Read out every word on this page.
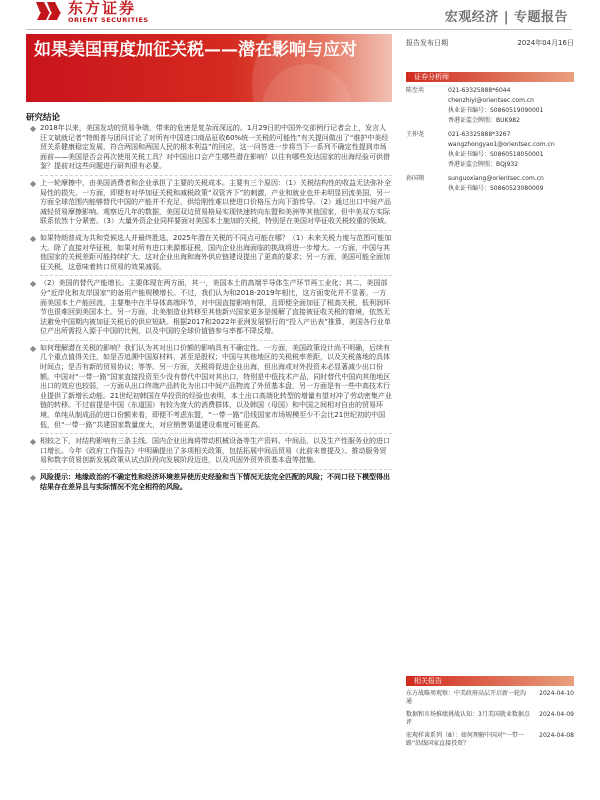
东方证券
ORIENT SECURITIES	宏观经济 | 专题报告
如果美国再度加征关税——潜在影响与应对	报告发布日期	2024年04月16日
证券分析师
陈至奕	021-63325888*6044
chenzhiyi@orientsec.com.cn
执业证书编号：S0860519090001
香港证监会牌照：BUK982
王仲尧	021-63325888*3267
wangzhongyao1@orientsec.com.cn
执业证书编号：S0860518050001
香港证监会牌照：BQJ932
孙国翔	sunguoxiang@orientsec.com.cn
执业证书编号：S0860523080009
相关报告
东方战略周观察：中美政府高层开启新一轮沟通
2024-04-10
数据和市场推绩挑战认知：3月美国就业数据点评
2024-04-09
宏观样谈系列（8）：如何理解中国对“一带一路”沿线国家直接投资？
2024-04-08
研究结论

2018年以来，美国发动的贸易争端，带来的危害是复杂而深远的。1月29日的中国外交部例行记者会上，发言人汪文斌就记者“特朗普与团问讨论了对所有中国进口商品征收60%统一关税的可能性”有关提问做出了“维护中美经贸关系健康稳定发展，符合两国和两国人民的根本利益”的回应，这一问答进一步将当下一系列不确定性提到市场面前——美国是否会再次使用关税工具？对中国出口会产生哪些潜在影响？以往有哪些发达国家的出海经验可供借鉴？提前对这些问题进行研判很有必要。

上一轮摩擦中，由美国消费者和企业承担了主要的关税成本。主要有三个原因：（1）关税结构性的收益无法弥补全局性的损失，一方面，即便有对华加征关税和减税政策“双管齐下”的刺激，产业和就业也并未明显回流美国，另一方面全球范围内能够替代中国的产能并不充足，供给刚性难以使进口价格压力向下游传导。（2）通过出口中间产品减轻贸易摩擦影响。观察近几年的数据，美国双边贸易格局实现快速转向东盟和美洲等其他国家，但中美双方实际联系依然十分紧密。（3）大量外资企业同样要面对美国本土施加的关税，特别是在美国对华征收关税较重的领域。

如果特朗普成为共和党候选人并最终胜选，2025年潜在关税的不同点可能在哪？（1）未来关税力度与范围可能加大。除了直接对华征税，如果对所有进口来源都征税，国内企业出海面临的挑战将进一步增大。一方面，中国与其他国家的关税差距可能持续扩大，这对企业出海和海外供应链建设提出了更高的要求；另一方面，美国可能全面加征关税，这意味着转口贸易的效果减弱。

（2）美国的替代产能增长。主要体现在两方面，其一，美国本土的高端半导体生产环节再工业化；其二，美国部分“近岸化和友岸国家”的备用产能规模增长。不过，我们认为和2018-2019年相比，这方面变化并不显著。一方面美国本土产能回流，主要集中在半导体高端环节，对中国直接影响有限，且即便全面加征了税高关税，低利润环节也很难回到美国本土。另一方面，北美制造业转移至其他新兴国家更多是缓解了直接被征收关税的窘境，依然无法避免中国期内被加征关税后的供应短缺。根据2017和2022年亚洲发展银行的“投入产出表”推算，美国各行业单位产出所需投入源于中国的比例，以及中国的全球价值链参与率都不降反增。

如何理解潜在关税的影响？我们认为其对出口价额的影响具有不确定性。一方面，美国政策设计尚不明确，后续有几个重点值得关注，如是否追溯中国原材料，甚至是股权；中国与其他地区的关税税率差距，以及关税落地的具体时间点；是否有新的贸易协议；等等。另一方面，关税将促进企业出海，但出海或对外投资未必显著减少出口份额。中国对“一带一路”国家直接投资至少没有替代中国对其出口，特别是中低技术产品，同时替代中国向其他地区出口的效应也较弱，一方面从出口终端产品转化为出口中间产品物流了外贸基本盘，另一方面是有一些中高技术行业提供了新增长动能。21世纪初韩国在华投资的经验也表明，本土出口高端化转型的增量有望对冲了劳动密集产业链的转移。不过前提是中国（东道国）有较为庞大的消费群体，以及韩国（母国）和中国之间相对自由的贸易环境。单纯从制成品的进口份额来看，即便不考虑东盟，“一带一路”沿线国家市场规模至少不会比21世纪初的中国低，但“一带一路”共建国家数量庞大，对应销售渠道建设难度可能更高。

相较之下，对结构影响有三条主线。国内企业出海将带动机械设备等生产资料、中间品，以及生产性服务业的进口口增长。今年《政府工作报告》中明确提出了多项相关政策，包括拓展中间品贸易（此前未曾提及）、推动服务贸易和数字贸易创新发展政策从试点阶段向发展阶段迈进，以及巩固外贸外资基本盘等措施。

风险提示：地缘政治的不确定性和经济环境差异使历史经验和当下情况无法完全匹配的风险；不同口径下模型得出结果存在差异且与实际情况不完全相符的风险。
